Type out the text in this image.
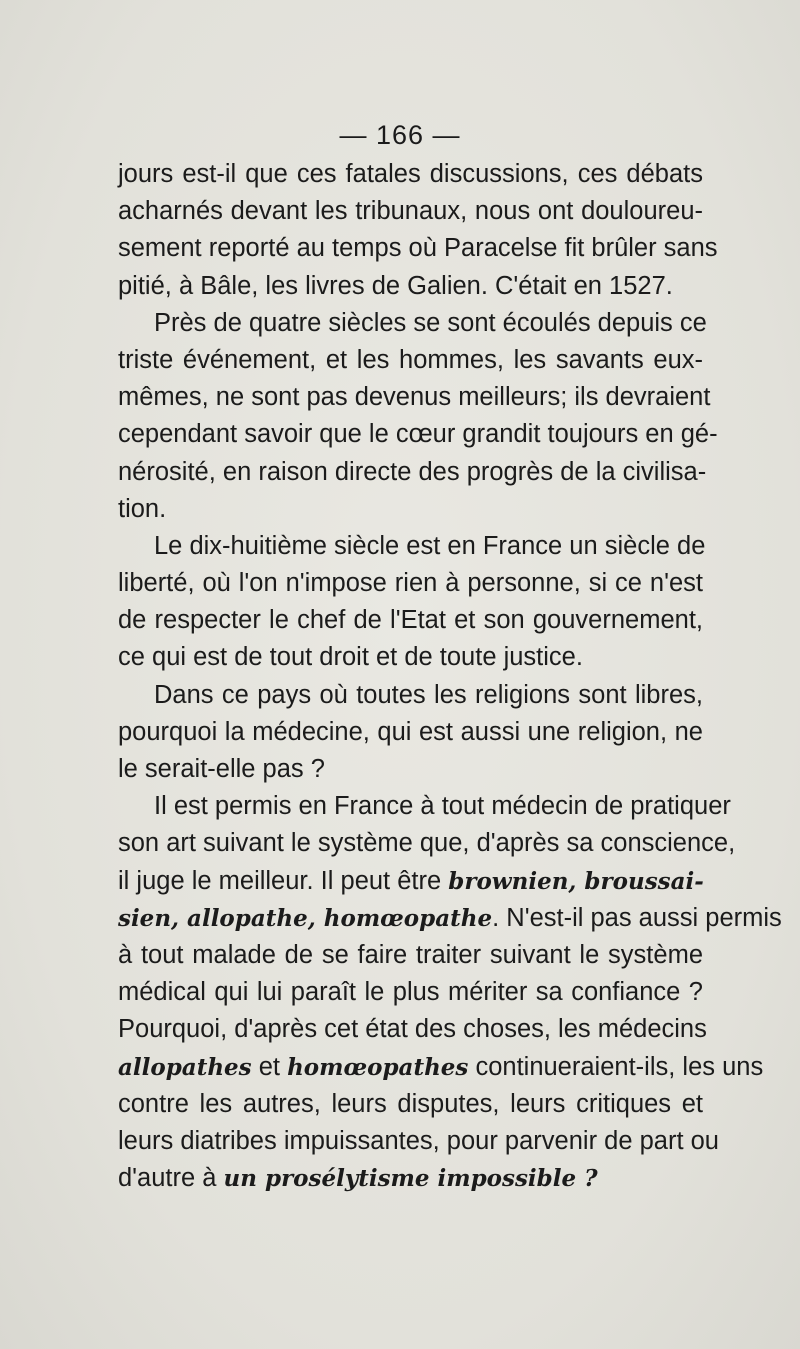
— 166 —
jours est-il que ces fatales discussions, ces débats
acharnés devant les tribunaux, nous ont douloureu-
sement reporté au temps où Paracelse fit brûler sans
pitié, à Bâle, les livres de Galien. C'était en 1527.
Près de quatre siècles se sont écoulés depuis ce
triste événement, et les hommes, les savants eux-
mêmes, ne sont pas devenus meilleurs; ils devraient
cependant savoir que le cœur grandit toujours en gé-
nérosité, en raison directe des progrès de la civilisa-
tion.
Le dix-huitième siècle est en France un siècle de
liberté, où l'on n'impose rien à personne, si ce n'est
de respecter le chef de l'Etat et son gouvernement,
ce qui est de tout droit et de toute justice.
Dans ce pays où toutes les religions sont libres,
pourquoi la médecine, qui est aussi une religion, ne
le serait-elle pas ?
Il est permis en France à tout médecin de pratiquer
son art suivant le système que, d'après sa conscience,
il juge le meilleur. Il peut être brownien, broussai-
sien, allopathe, homœopathe. N'est-il pas aussi permis
à tout malade de se faire traiter suivant le système
médical qui lui paraît le plus mériter sa confiance ?
Pourquoi, d'après cet état des choses, les médecins
allopathes et homœopathes continueraient-ils, les uns
contre les autres, leurs disputes, leurs critiques et
leurs diatribes impuissantes, pour parvenir de part ou
d'autre à un prosélytisme impossible ?
